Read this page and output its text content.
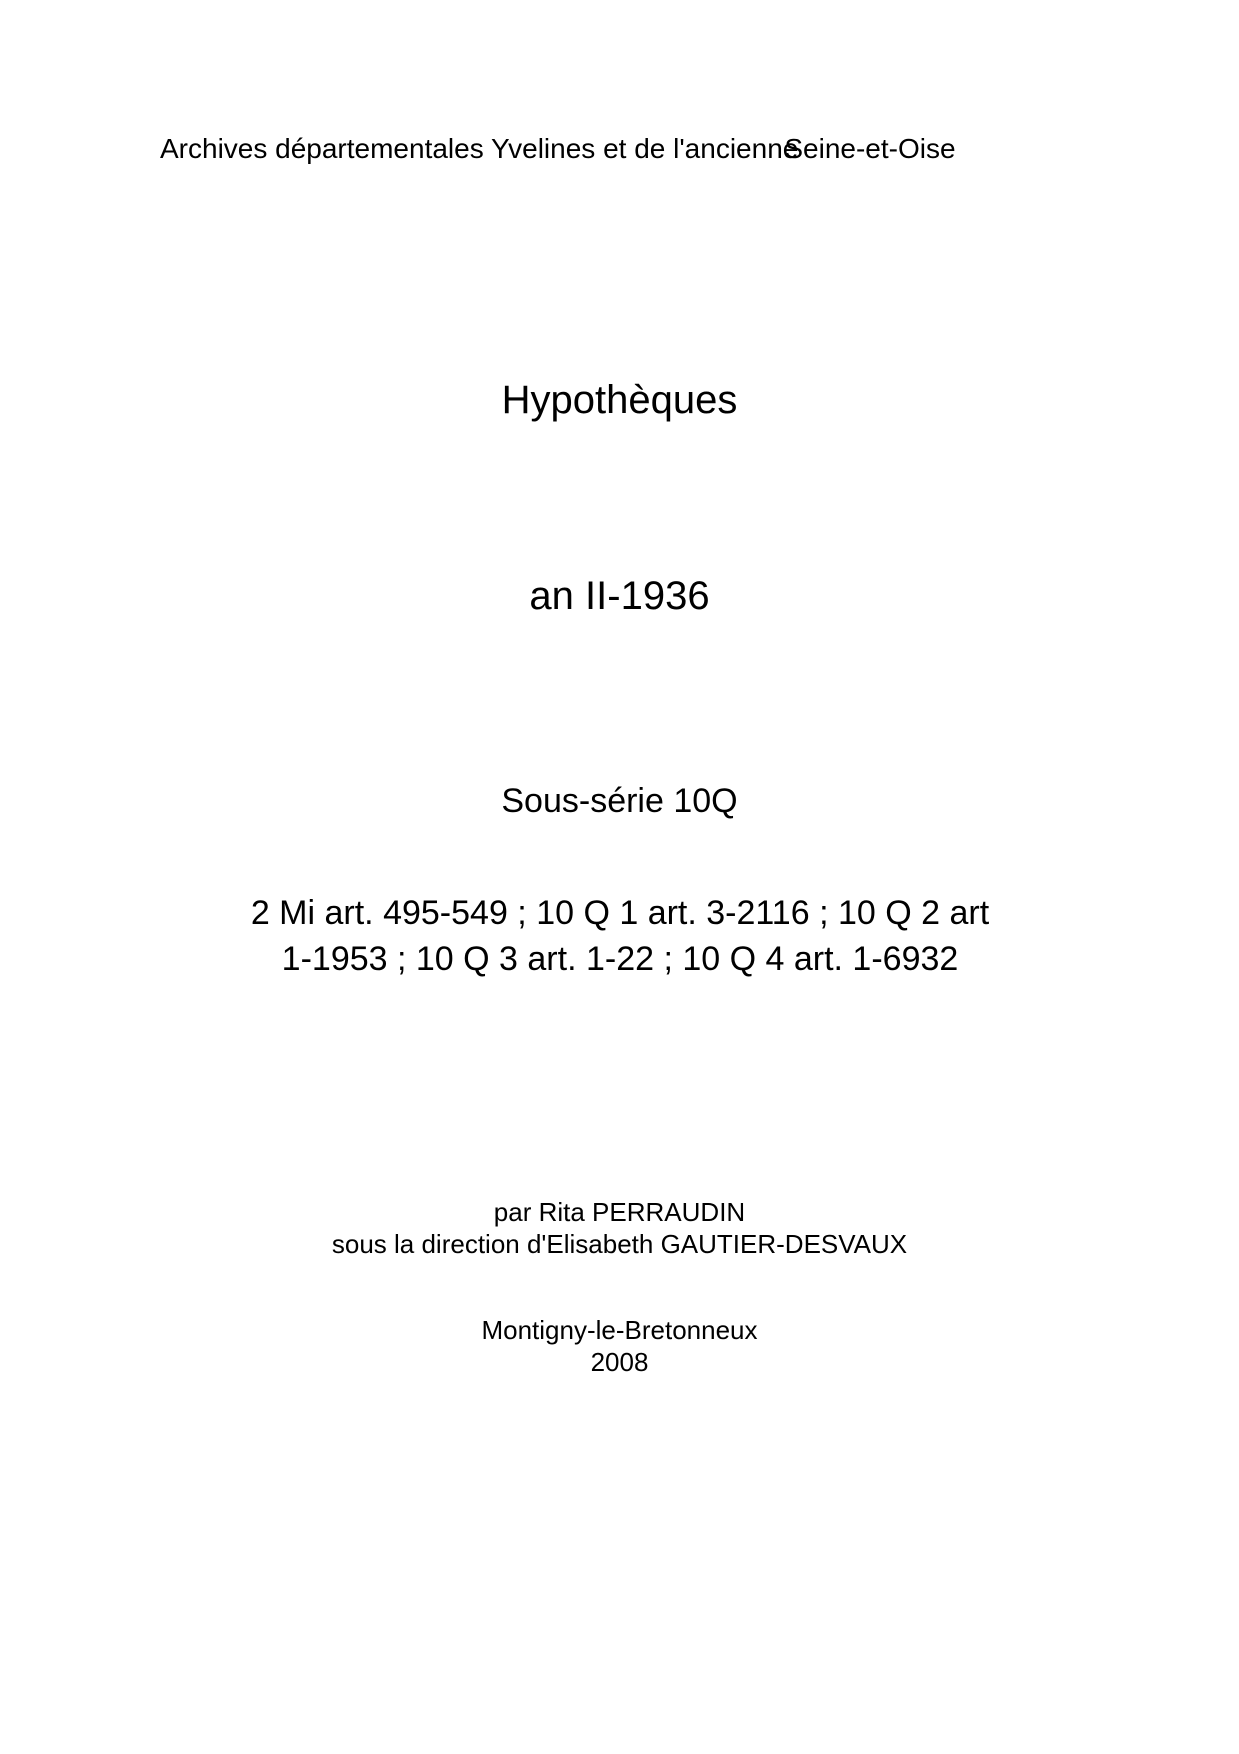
Archives départementales Yvelines et de l'ancienneSeine-et-Oise
Hypothèques
an II-1936
Sous-série 10Q
2 Mi art. 495-549 ; 10 Q 1 art. 3-2116 ; 10 Q 2 art
1-1953 ; 10 Q 3 art. 1-22 ; 10 Q 4 art. 1-6932
par Rita PERRAUDIN
sous la direction d'Elisabeth GAUTIER-DESVAUX
Montigny-le-Bretonneux
2008
